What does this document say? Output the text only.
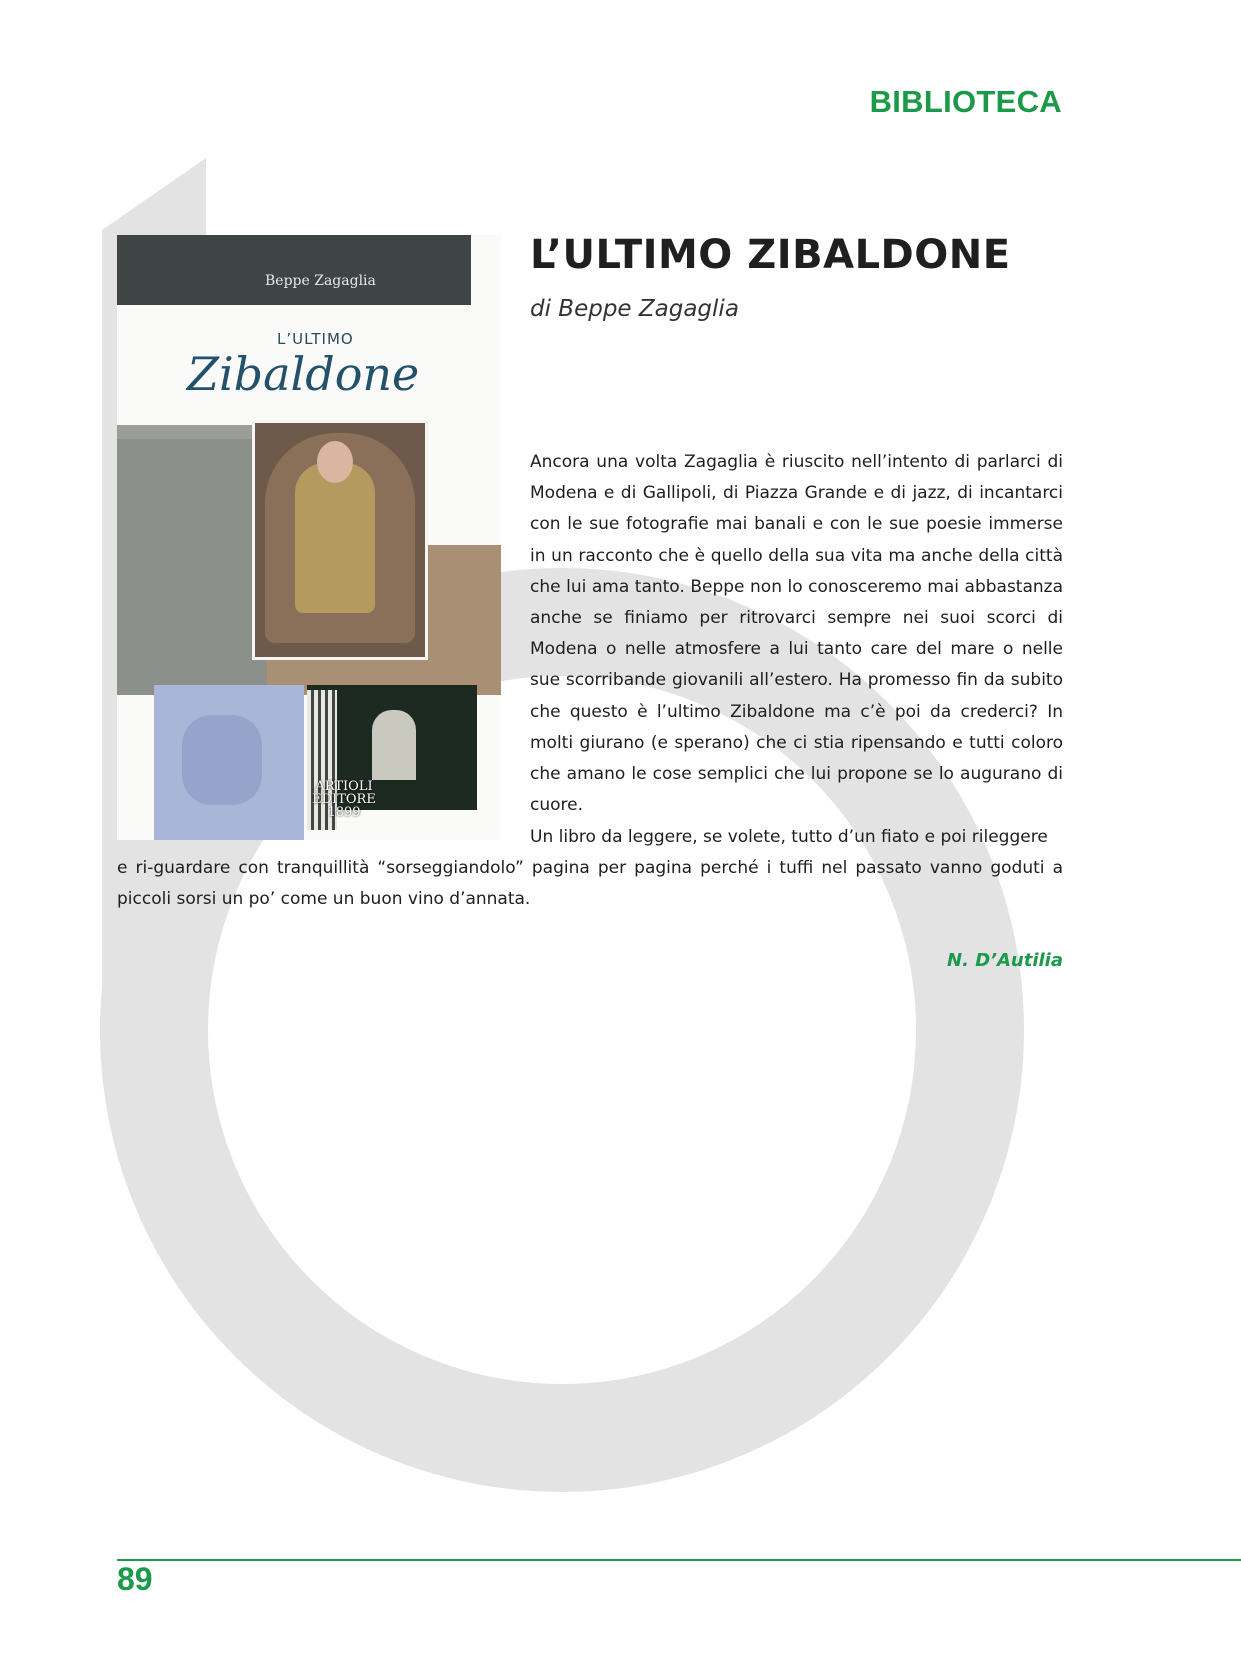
BIBLIOTECA
Beppe Zagaglia
L’ULTIMO
Zibaldone
ARTIOLI
EDITORE
1899
L’ULTIMO ZIBALDONE

di Beppe Zagaglia

Ancora una volta Zagaglia è riuscito nell’intento di parlarci di Modena e di Gallipoli, di Piazza Grande e di jazz, di incantarci con le sue fotografie mai banali e con le sue poesie immerse in un racconto che è quello della sua vita ma anche della città che lui ama tanto. Beppe non lo conosceremo mai abbastanza anche se finiamo per ritrovarci sempre nei suoi scorci di Modena o nelle atmosfere a lui tanto care del mare o nelle sue scorribande giovanili all’estero. Ha promesso fin da subito che questo è l’ultimo Zibaldone ma c’è poi da crederci? In molti giurano (e sperano) che ci stia ripensando e tutti coloro che amano le cose semplici che lui propone se lo augurano di cuore.

Un libro da leggere, se volete, tutto d’un fiato e poi rileggere

e ri-guardare con tranquillità “sorseggiandolo” pagina per pagina perché i tuffi nel passato vanno goduti a piccoli sorsi un po’ come un buon vino d’annata.

N. D’Autilia

89
